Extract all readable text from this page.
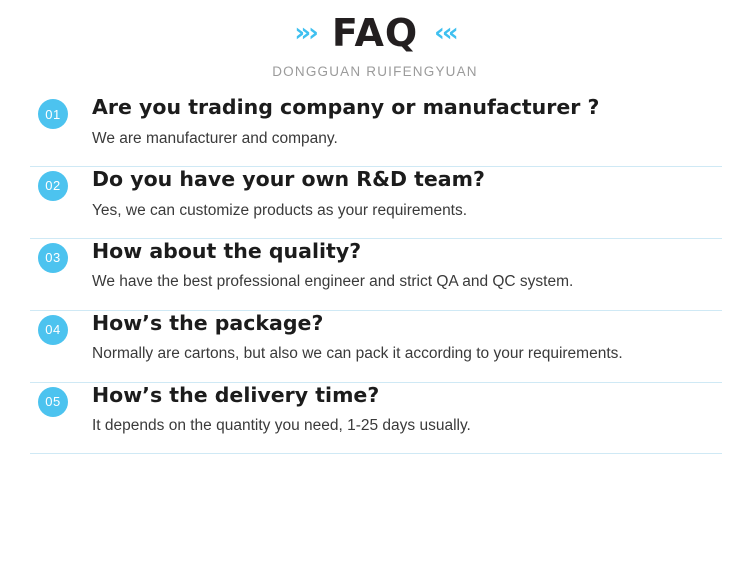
»› FAQ ‹«
DONGGUAN RUIFENGYUAN
01	Are you trading company or manufacturer ?

We are manufacturer and company.

02	Do you have your own R&D team?

Yes, we can customize products as your requirements.

03	How about the quality?

We have the best professional engineer and strict QA and QC system.

04	How’s the package?

Normally are cartons, but also we can pack it according to your requirements.

05	How’s the delivery time?

It depends on the quantity you need, 1-25 days usually.
